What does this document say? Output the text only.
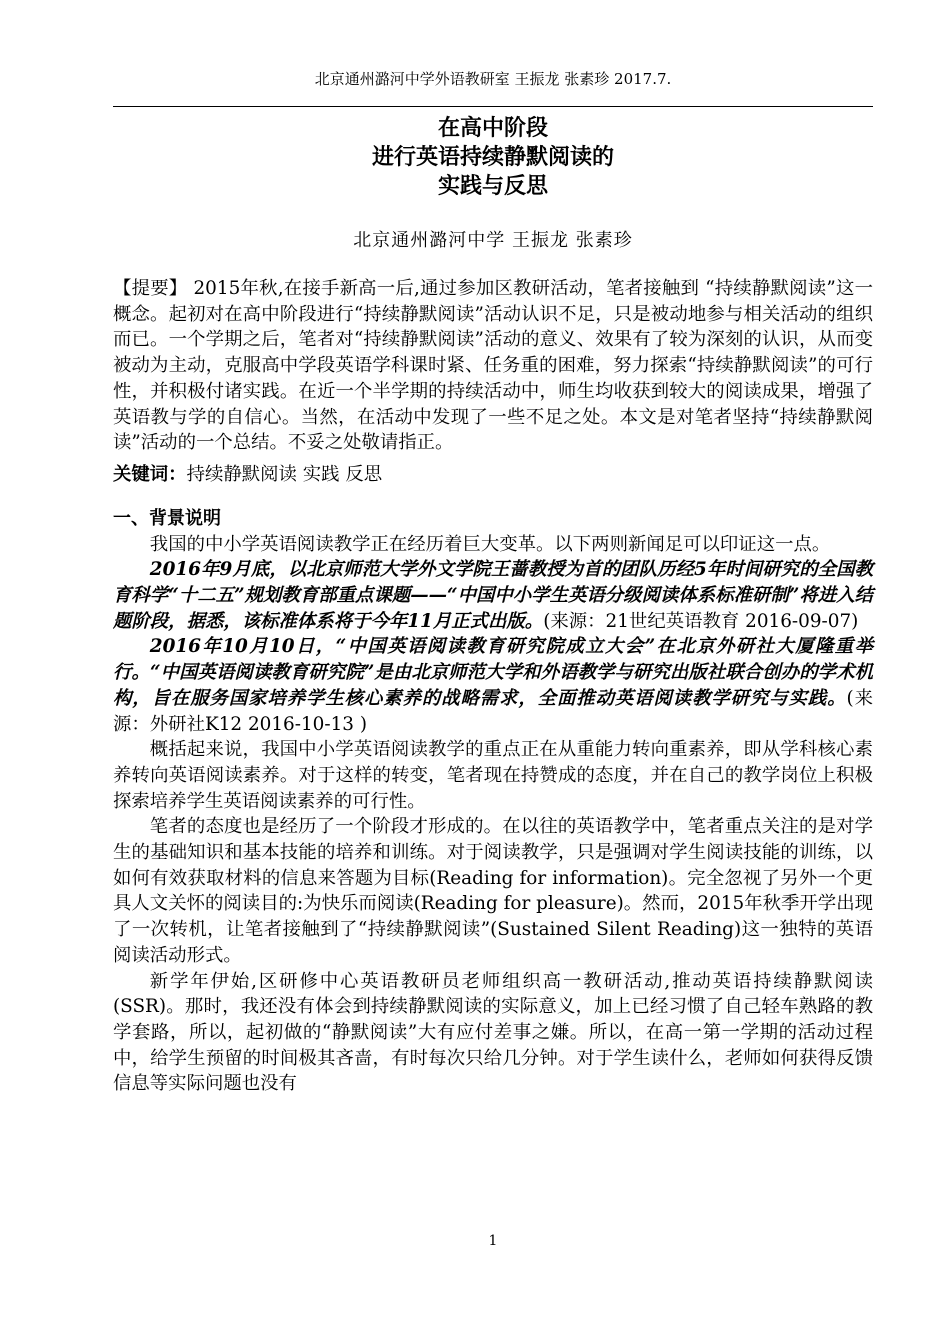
北京通州潞河中学外语教研室 王振龙 张素珍 2017.7.
在高中阶段
进行英语持续静默阅读的
实践与反思
北京通州潞河中学 王振龙 张素珍

【提要】 2015年秋,在接手新高一后,通过参加区教研活动，笔者接触到 “持续静默阅读”这一概念。起初对在高中阶段进行“持续静默阅读”活动认识不足，只是被动地参与相关活动的组织而已。一个学期之后，笔者对“持续静默阅读”活动的意义、效果有了较为深刻的认识，从而变被动为主动，克服高中学段英语学科课时紧、任务重的困难，努力探索“持续静默阅读”的可行性，并积极付诸实践。在近一个半学期的持续活动中，师生均收获到较大的阅读成果，增强了英语教与学的自信心。当然，在活动中发现了一些不足之处。本文是对笔者坚持“持续静默阅读”活动的一个总结。不妥之处敬请指正。

关键词：持续静默阅读 实践 反思

一、背景说明

我国的中小学英语阅读教学正在经历着巨大变革。以下两则新闻足可以印证这一点。

2016年9月底，以北京师范大学外文学院王蔷教授为首的团队历经5年时间研究的全国教育科学“十二五”规划教育部重点课题——“中国中小学生英语分级阅读体系标准研制”将进入结题阶段，据悉，该标准体系将于今年11月正式出版。(来源：21世纪英语教育 2016-09-07)

2016年10月10日，“中国英语阅读教育研究院成立大会”在北京外研社大厦隆重举行。“中国英语阅读教育研究院”是由北京师范大学和外语教学与研究出版社联合创办的学术机构，旨在服务国家培养学生核心素养的战略需求，全面推动英语阅读教学研究与实践。(来源：外研社K12 2016-10-13 )

概括起来说，我国中小学英语阅读教学的重点正在从重能力转向重素养，即从学科核心素养转向英语阅读素养。对于这样的转变，笔者现在持赞成的态度，并在自己的教学岗位上积极探索培养学生英语阅读素养的可行性。

笔者的态度也是经历了一个阶段才形成的。在以往的英语教学中，笔者重点关注的是对学生的基础知识和基本技能的培养和训练。对于阅读教学，只是强调对学生阅读技能的训练，以如何有效获取材料的信息来答题为目标(Reading for information)。完全忽视了另外一个更具人文关怀的阅读目的:为快乐而阅读(Reading for pleasure)。然而，2015年秋季开学出现了一次转机，让笔者接触到了“持续静默阅读”(Sustained Silent Reading)这一独特的英语阅读活动形式。

新学年伊始,区研修中心英语教研员老师组织高一教研活动,推动英语持续静默阅读(SSR)。那时，我还没有体会到持续静默阅读的实际意义，加上已经习惯了自己轻车熟路的教学套路，所以，起初做的“静默阅读”大有应付差事之嫌。所以，在高一第一学期的活动过程中，给学生预留的时间极其吝啬，有时每次只给几分钟。对于学生读什么，老师如何获得反馈信息等实际问题也没有

1
